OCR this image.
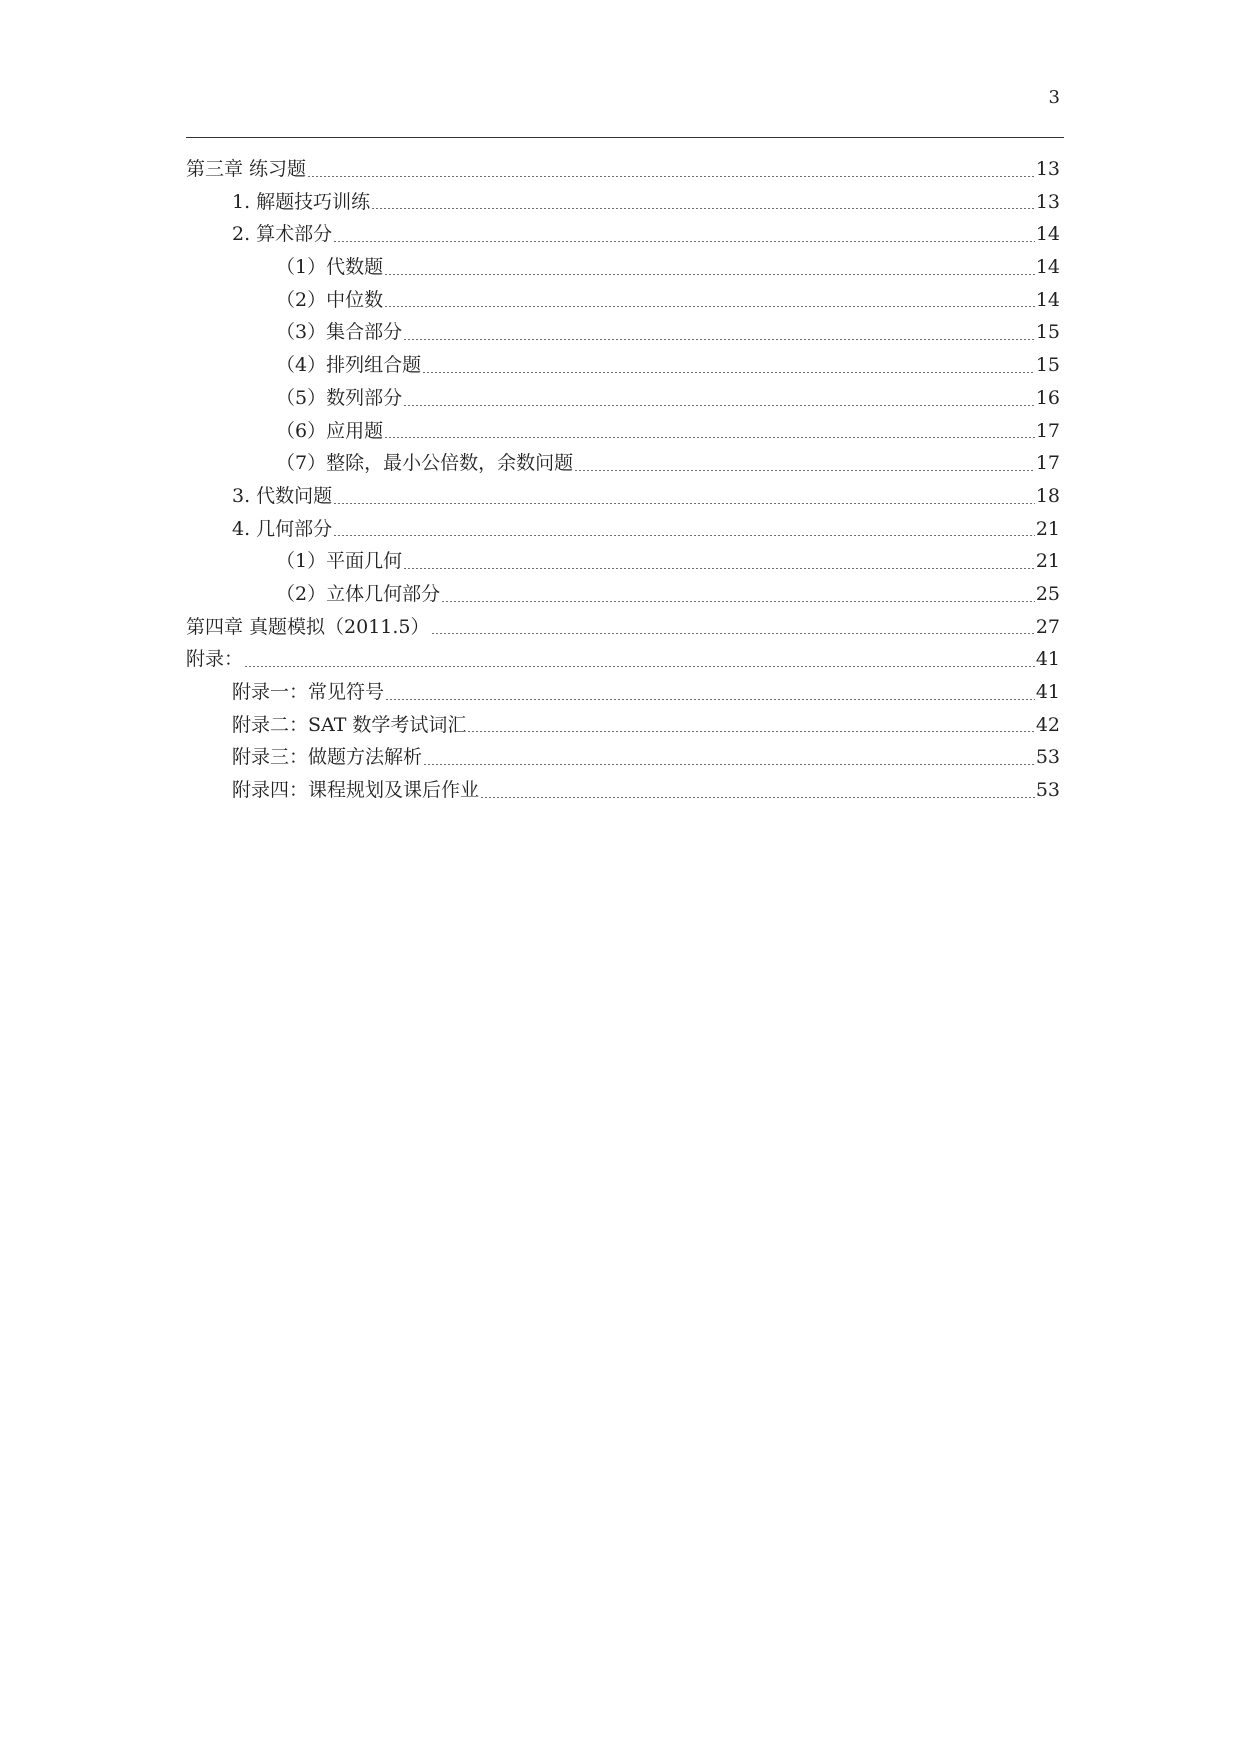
3
第三章 练习题	13
1. 解题技巧训练	13
2. 算术部分	14
（1）代数题	14
（2）中位数	14
（3）集合部分	15
（4）排列组合题	15
（5）数列部分	16
（6）应用题	17
（7）整除，最小公倍数，余数问题	17
3. 代数问题	18
4. 几何部分	21
（1）平面几何	21
（2）立体几何部分	25
第四章 真题模拟（2011.5）	27
附录：	41
附录一：常见符号	41
附录二：SAT 数学考试词汇	42
附录三：做题方法解析	53
附录四：课程规划及课后作业	53
